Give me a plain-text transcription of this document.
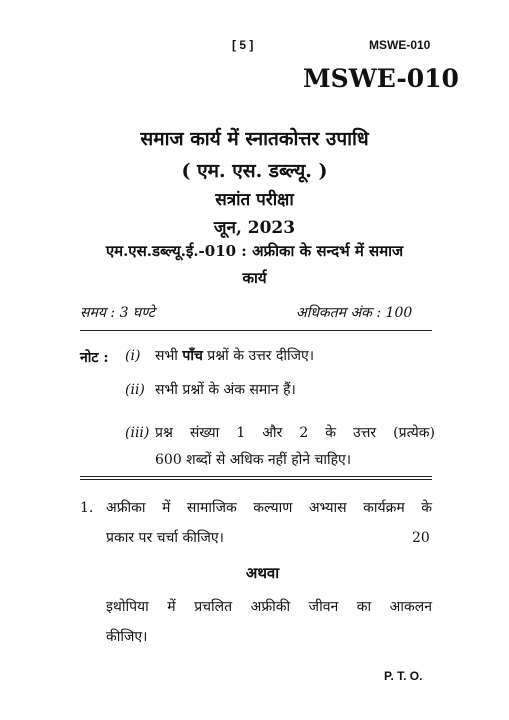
[ 5 ]	MSWE-010
MSWE-010
समाज कार्य में स्नातकोत्तर उपाधि
( एम. एस. डब्ल्यू. )
सत्रांत परीक्षा
जून, 2023
एम.एस.डब्ल्यू.ई.-010 : अफ्रीका के सन्दर्भ में समाज
कार्य
समय : 3 घण्टे	अधिकतम अंक : 100
नोट : (i) सभी पाँच प्रश्नों के उत्तर दीजिए।
(ii) सभी प्रश्नों के अंक समान हैं।
(iii) प्रश्न संख्या 1 और 2 के उत्तर (प्रत्येक)
600 शब्दों से अधिक नहीं होने चाहिए।
1. अफ्रीका में सामाजिक कल्याण अभ्यास कार्यक्रम के
प्रकार पर चर्चा कीजिए।	20
अथवा
इथोपिया में प्रचलित अफ्रीकी जीवन का आकलन
कीजिए।
P. T. O.
